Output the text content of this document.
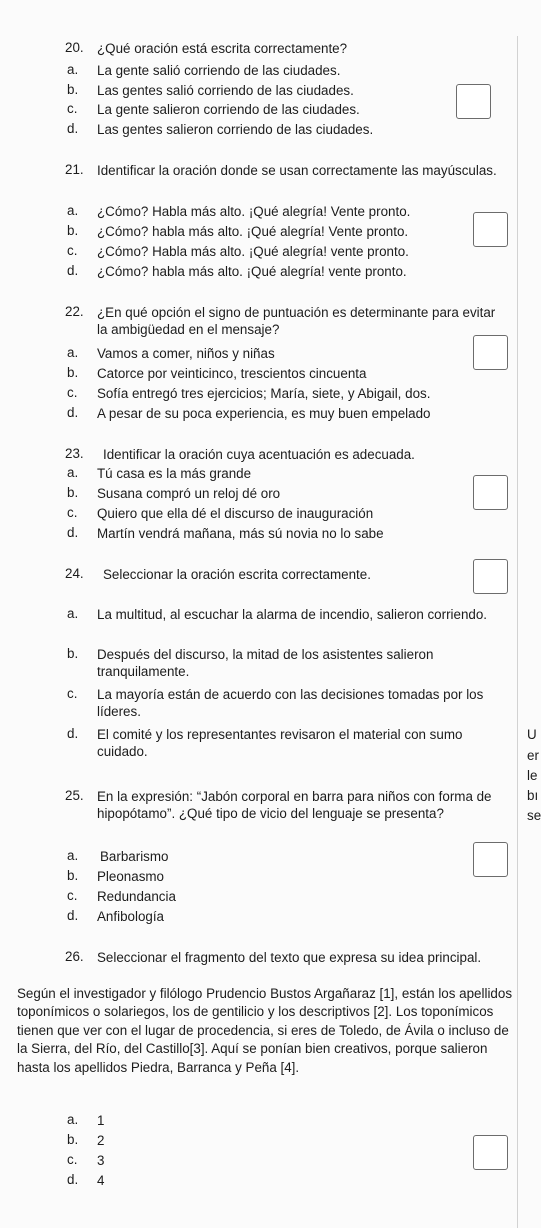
20. ¿Qué oración está escrita correctamente?
a.	La gente salió corriendo de las ciudades.
b.	Las gentes salió corriendo de las ciudades.
c.	La gente salieron corriendo de las ciudades.
d.	Las gentes salieron corriendo de las ciudades.
21. Identificar la oración donde se usan correctamente las mayúsculas.
a.	¿Cómo? Habla más alto. ¡Qué alegría! Vente pronto.
b.	¿Cómo? habla más alto. ¡Qué alegría! Vente pronto.
c.	¿Cómo? Habla más alto. ¡Qué alegría! vente pronto.
d.	¿Cómo? habla más alto. ¡Qué alegría! vente pronto.
22. ¿En qué opción el signo de puntuación es determinante para evitar la ambigüedad en el mensaje?
a.	Vamos a comer, niños y niñas
b.	Catorce por veinticinco, trescientos cincuenta
c.	Sofía entregó tres ejercicios; María, siete, y Abigail, dos.
d.	A pesar de su poca experiencia, es muy buen empelado
23.	Identificar la oración cuya acentuación es adecuada.
a.	Tú casa es la más grande
b.	Susana compró un reloj dé oro
c.	Quiero que ella dé el discurso de inauguración
d.	Martín vendrá mañana, más sú novia no lo sabe
24.	Seleccionar la oración escrita correctamente.
a.	La multitud, al escuchar la alarma de incendio, salieron corriendo.
b.	Después del discurso, la mitad de los asistentes salieron tranquilamente.
c.	La mayoría están de acuerdo con las decisiones tomadas por los líderes.
d.	El comité y los representantes revisaron el material con sumo cuidado.
U
er
le
bı
se
25. En la expresión: “Jabón corporal en barra para niños con forma de hipopótamo”. ¿Qué tipo de vicio del lenguaje se presenta?
a.	Barbarismo
b.	Pleonasmo
c.	Redundancia
d.	Anfibología
26. Seleccionar el fragmento del texto que expresa su idea principal.
Según el investigador y filólogo Prudencio Bustos Argañaraz [1], están los apellidos toponímicos o solariegos, los de gentilicio y los descriptivos [2]. Los toponímicos tienen que ver con el lugar de procedencia, si eres de Toledo, de Ávila o incluso de la Sierra, del Río, del Castillo[3]. Aquí se ponían bien creativos, porque salieron hasta los apellidos Piedra, Barranca y Peña [4].
a.	1
b.	2
c.	3
d.	4
